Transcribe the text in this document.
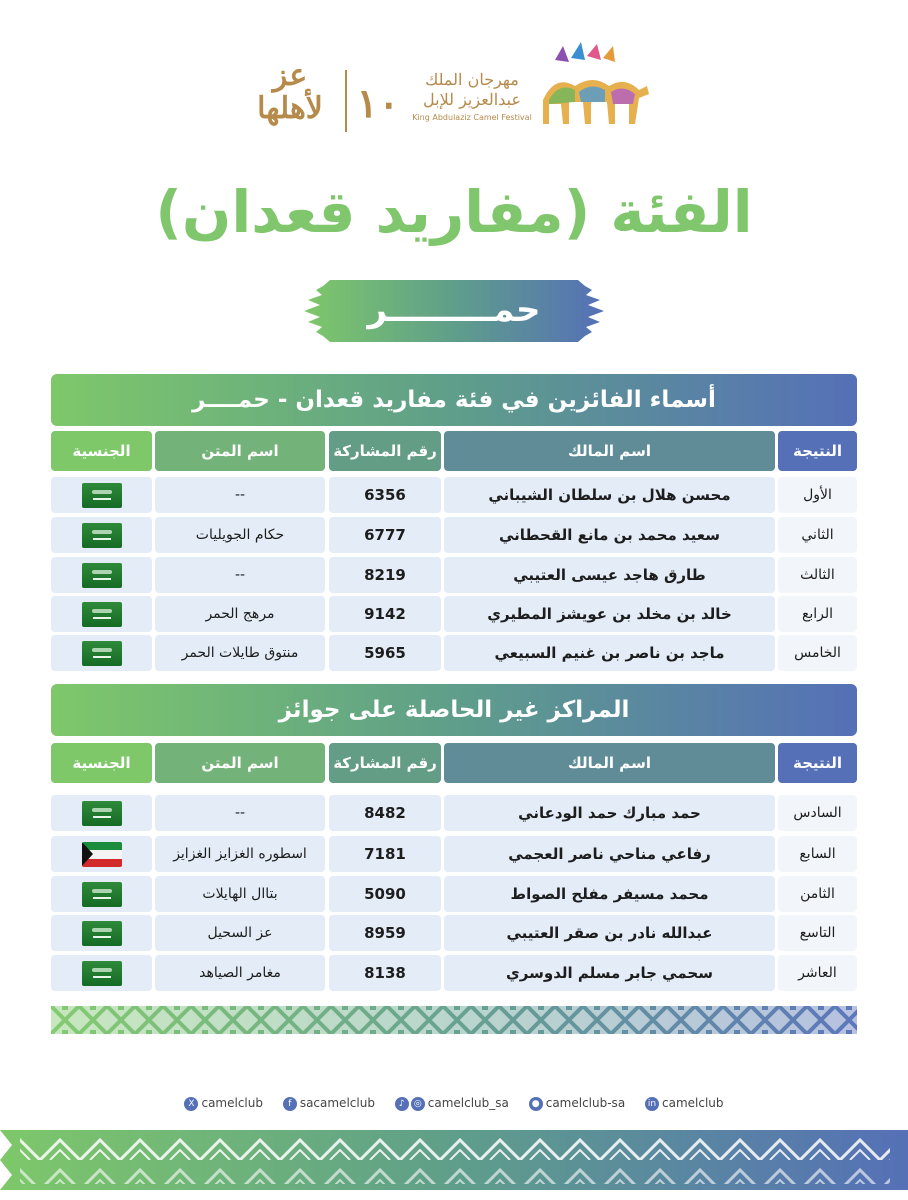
عز
لأهلها ١٠
مهرجان الملك عبدالعزيز للإبل
King Abdulaziz Camel Festival
الفئة (مفاريد قعدان)
حمـــــــــر
أسماء الفائزين في فئة مفاريد قعدان - حمــــر
الجنسية	اسم المتن	رقم المشاركة	اسم المالك	النتيجة
--	6356	محسن هلال بن سلطان الشيباني	الأول
حكام الجويليات	6777	سعيد محمد بن مانع القحطاني	الثاني
--	8219	طارق هاجد عيسى العتيبي	الثالث
مرهج الحمر	9142	خالد بن مخلد بن عويشز المطيري	الرابع
منتوق طايلات الحمر	5965	ماجد بن ناصر بن غنيم السبيعي	الخامس
المراكز غير الحاصلة على جوائز
الجنسية	اسم المتن	رقم المشاركة	اسم المالك	النتيجة
--	8482	حمد مبارك حمد الودعاني	السادس
اسطوره الغزايز الغزايز	7181	رفاعي مناحي ناصر العجمي	السابع
بتاال الهايلات	5090	محمد مسيفر مفلح الصواط	الثامن
عز السحيل	8959	عبدالله نادر بن صقر العتيبي	التاسع
مغامر الصياهد	8138	سحمي جابر مسلم الدوسري	العاشر
X camelclub	f sacamelclub	♪ ◎ camelclub_sa	● camelclub-sa	in camelclub
